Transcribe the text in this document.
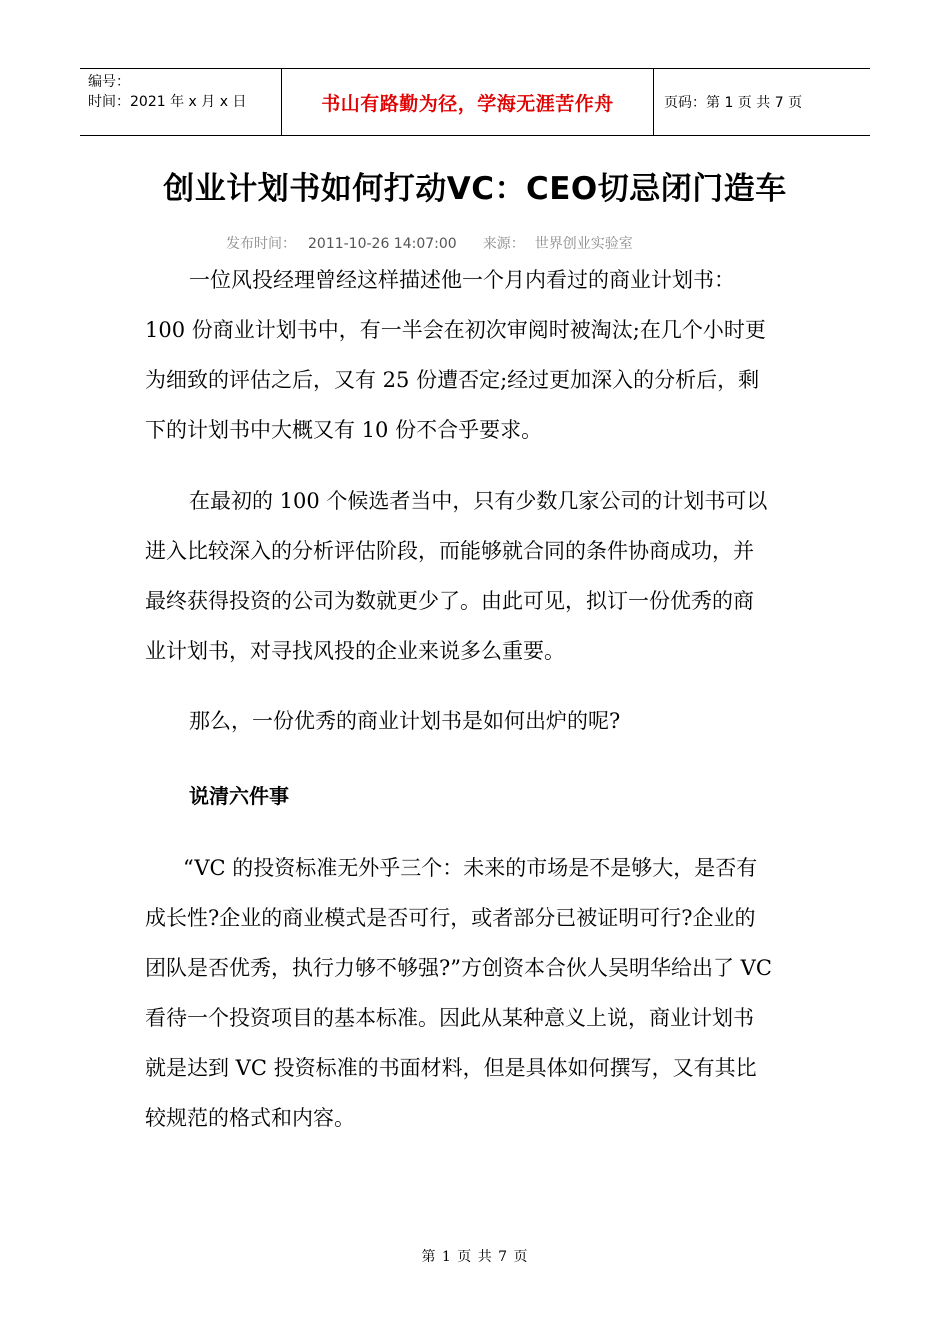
编号：
时间：2021 年 x 月 x 日	书山有路勤为径，学海无涯苦作舟	页码：第 1 页 共 7 页
创业计划书如何打动VC：CEO切忌闭门造车
发布时间： 2011-10-26 14:07:00 来源： 世界创业实验室
一位风投经理曾经这样描述他一个月内看过的商业计划书：
100 份商业计划书中，有一半会在初次审阅时被淘汰;在几个小时更
为细致的评估之后，又有 25 份遭否定;经过更加深入的分析后，剩
下的计划书中大概又有 10 份不合乎要求。
在最初的 100 个候选者当中，只有少数几家公司的计划书可以
进入比较深入的分析评估阶段，而能够就合同的条件协商成功，并
最终获得投资的公司为数就更少了。由此可见，拟订一份优秀的商
业计划书，对寻找风投的企业来说多么重要。
那么，一份优秀的商业计划书是如何出炉的呢?
说清六件事
“VC 的投资标准无外乎三个：未来的市场是不是够大，是否有
成长性?企业的商业模式是否可行，或者部分已被证明可行?企业的
团队是否优秀，执行力够不够强?”方创资本合伙人吴明华给出了 VC
看待一个投资项目的基本标准。因此从某种意义上说，商业计划书
就是达到 VC 投资标准的书面材料，但是具体如何撰写，又有其比
较规范的格式和内容。
第 1 页 共 7 页
